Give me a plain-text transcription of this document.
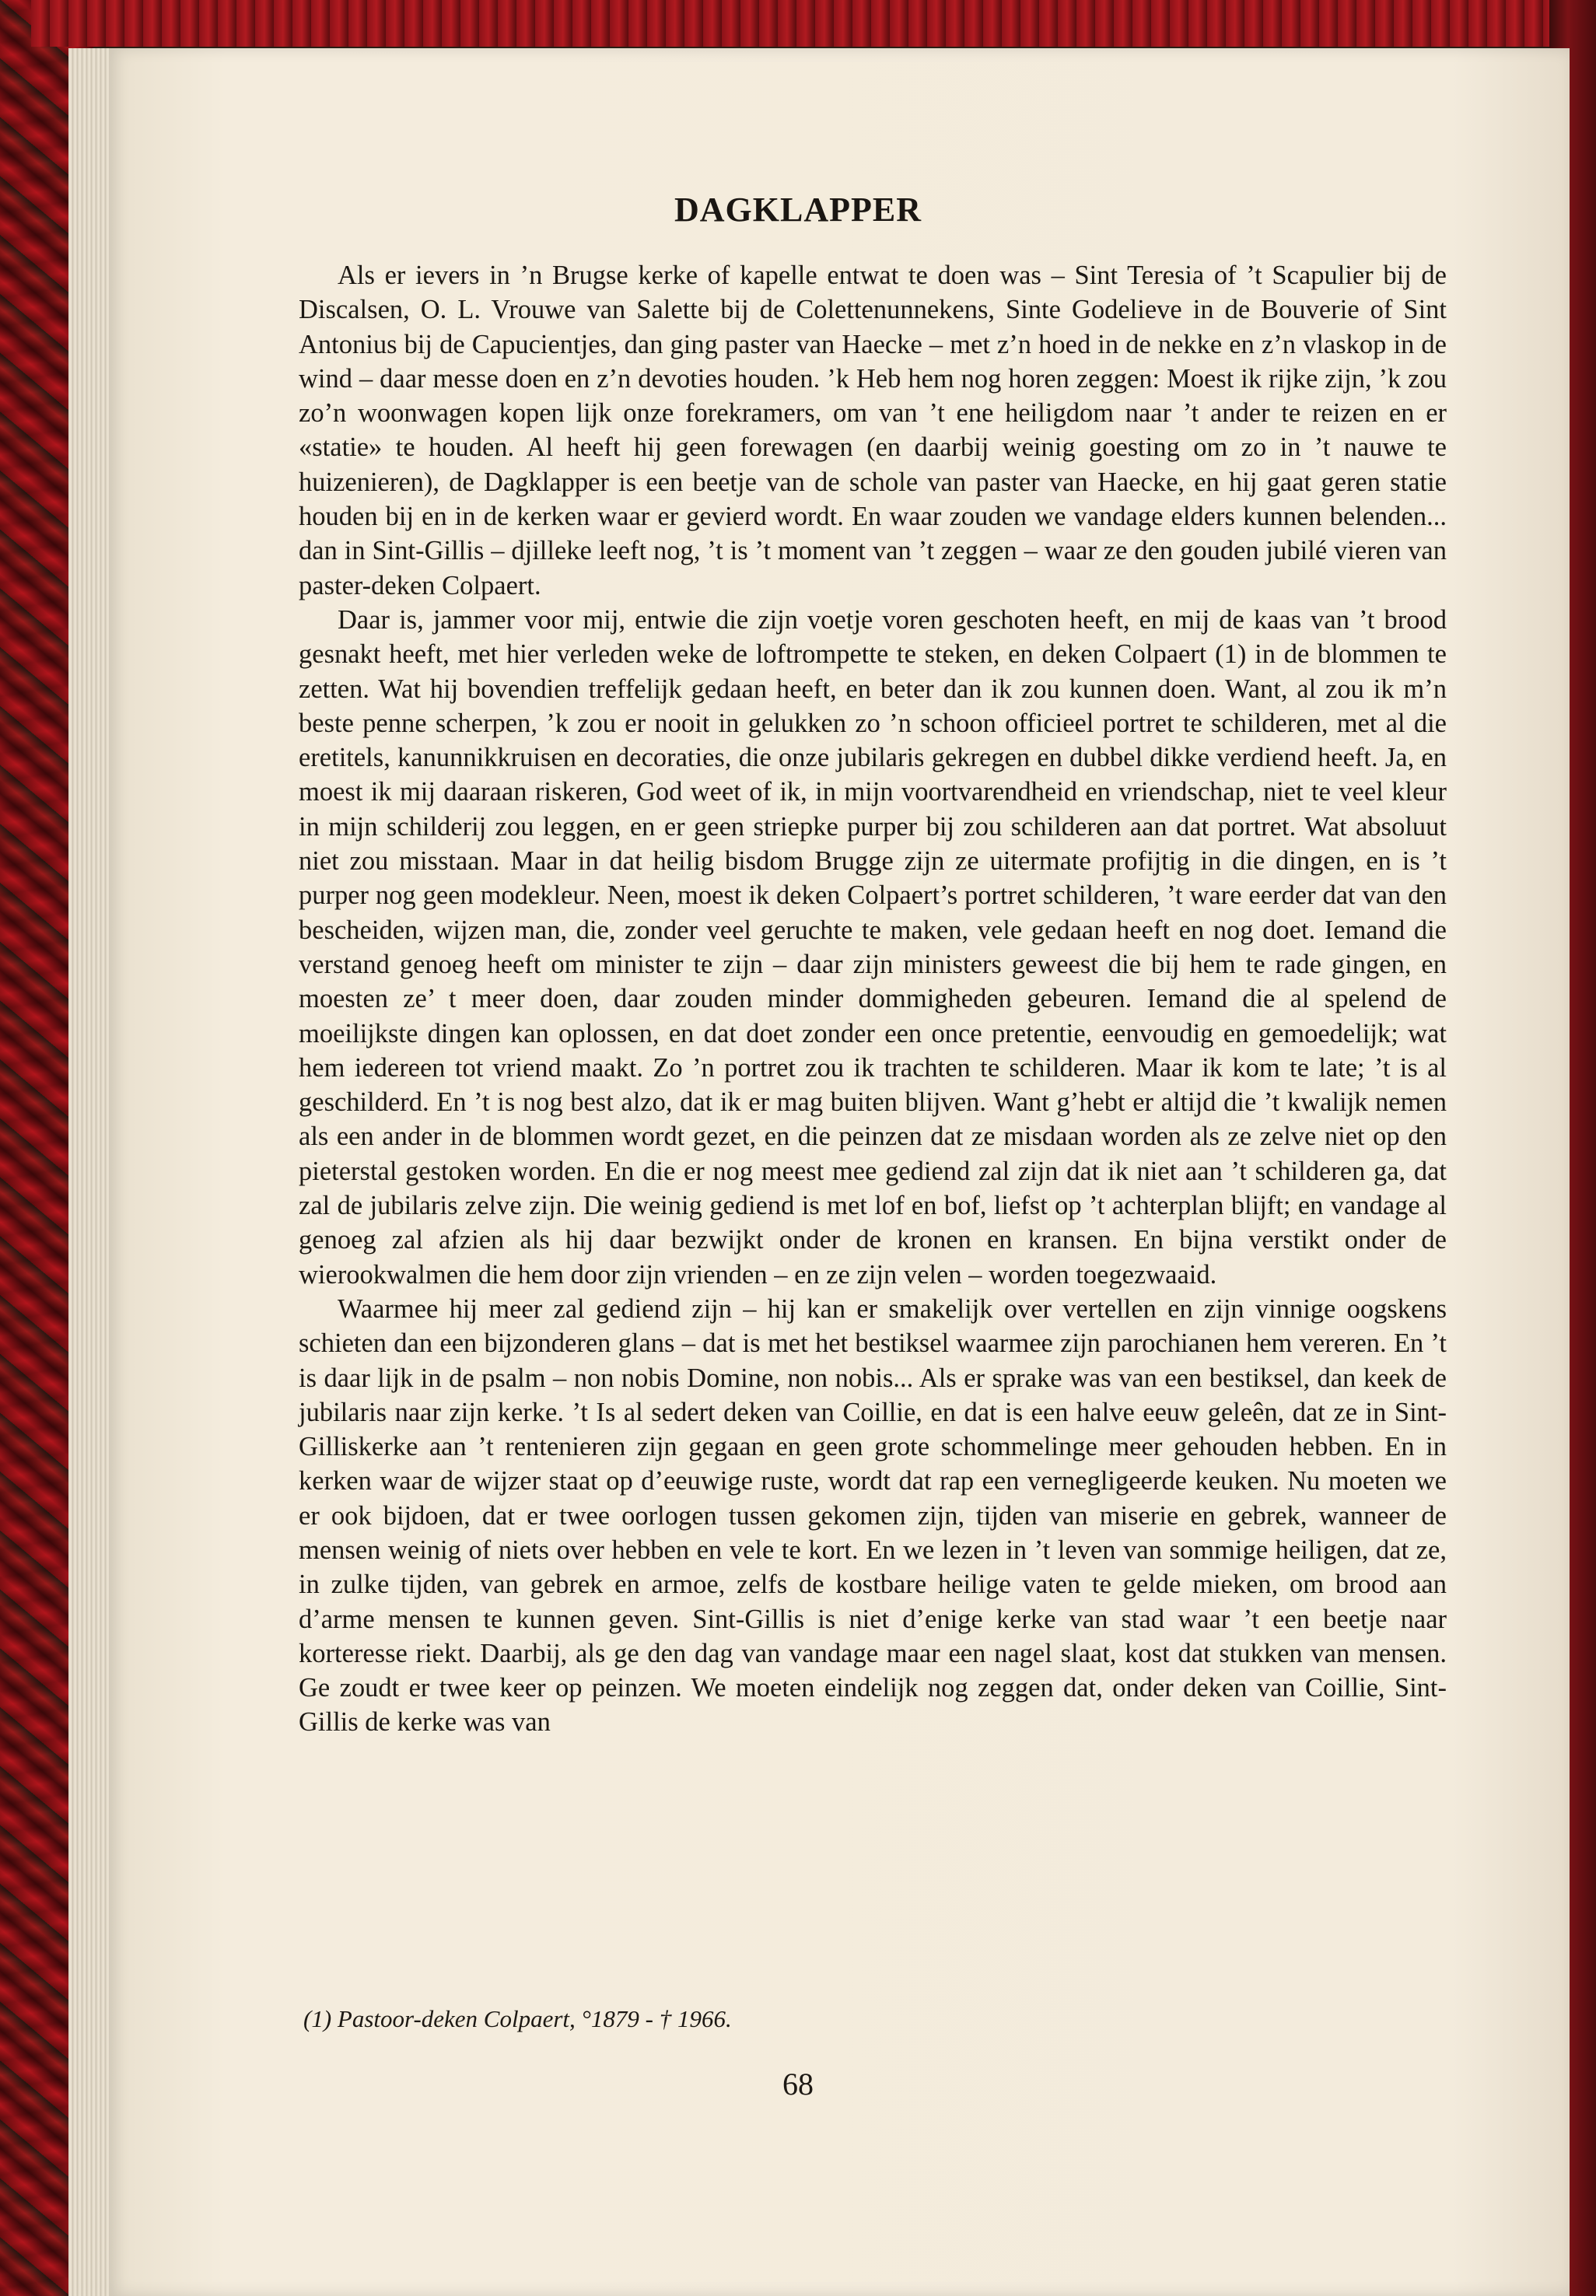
DAGKLAPPER

Als er ievers in ’n Brugse kerke of kapelle entwat te doen was – Sint Teresia of ’t Scapulier bij de Discalsen, O. L. Vrouwe van Salette bij de Colettenunnekens, Sinte Godelieve in de Bouverie of Sint Antonius bij de Capucientjes, dan ging paster van Haecke – met z’n hoed in de nekke en z’n vlaskop in de wind – daar messe doen en z’n devoties houden. ’k Heb hem nog horen zeggen: Moest ik rijke zijn, ’k zou zo’n woonwagen kopen lijk onze forekramers, om van ’t ene heiligdom naar ’t ander te reizen en er «statie» te houden. Al heeft hij geen forewagen (en daarbij weinig goesting om zo in ’t nauwe te huizenieren), de Dagklapper is een beetje van de schole van paster van Haecke, en hij gaat geren statie houden bij en in de kerken waar er gevierd wordt. En waar zouden we vandage elders kunnen belenden... dan in Sint-Gillis – djilleke leeft nog, ’t is ’t moment van ’t zeggen – waar ze den gouden jubilé vieren van paster-deken Colpaert.

Daar is, jammer voor mij, entwie die zijn voetje voren geschoten heeft, en mij de kaas van ’t brood gesnakt heeft, met hier verleden weke de loftrompette te steken, en deken Colpaert (1) in de blommen te zetten. Wat hij bovendien treffelijk gedaan heeft, en beter dan ik zou kunnen doen. Want, al zou ik m’n beste penne scherpen, ’k zou er nooit in gelukken zo ’n schoon officieel portret te schilderen, met al die eretitels, kanunnikkruisen en decoraties, die onze jubilaris gekregen en dubbel dikke verdiend heeft. Ja, en moest ik mij daaraan riskeren, God weet of ik, in mijn voortvarendheid en vriendschap, niet te veel kleur in mijn schilderij zou leggen, en er geen striepke purper bij zou schilderen aan dat portret. Wat absoluut niet zou misstaan. Maar in dat heilig bisdom Brugge zijn ze uitermate profijtig in die dingen, en is ’t purper nog geen modekleur. Neen, moest ik deken Colpaert’s portret schilderen, ’t ware eerder dat van den bescheiden, wijzen man, die, zonder veel geruchte te maken, vele gedaan heeft en nog doet. Iemand die verstand genoeg heeft om minister te zijn – daar zijn ministers geweest die bij hem te rade gingen, en moesten ze’ t meer doen, daar zouden minder dommigheden gebeuren. Iemand die al spelend de moeilijkste dingen kan oplossen, en dat doet zonder een once pretentie, eenvoudig en gemoedelijk; wat hem iedereen tot vriend maakt. Zo ’n portret zou ik trachten te schilderen. Maar ik kom te late; ’t is al geschilderd. En ’t is nog best alzo, dat ik er mag buiten blijven. Want g’hebt er altijd die ’t kwalijk nemen als een ander in de blommen wordt gezet, en die peinzen dat ze misdaan worden als ze zelve niet op den pieterstal gestoken worden. En die er nog meest mee gediend zal zijn dat ik niet aan ’t schilderen ga, dat zal de jubilaris zelve zijn. Die weinig gediend is met lof en bof, liefst op ’t achterplan blijft; en vandage al genoeg zal afzien als hij daar bezwijkt onder de kronen en kransen. En bijna verstikt onder de wierookwalmen die hem door zijn vrienden – en ze zijn velen – worden toegezwaaid.

Waarmee hij meer zal gediend zijn – hij kan er smakelijk over vertellen en zijn vinnige oogskens schieten dan een bijzonderen glans – dat is met het bestiksel waarmee zijn parochianen hem vereren. En ’t is daar lijk in de psalm – non nobis Domine, non nobis... Als er sprake was van een bestiksel, dan keek de jubilaris naar zijn kerke. ’t Is al sedert deken van Coillie, en dat is een halve eeuw geleên, dat ze in Sint-Gilliskerke aan ’t rentenieren zijn gegaan en geen grote schommelinge meer gehouden hebben. En in kerken waar de wijzer staat op d’eeuwige ruste, wordt dat rap een vernegligeerde keuken. Nu moeten we er ook bijdoen, dat er twee oorlogen tussen gekomen zijn, tijden van miserie en gebrek, wanneer de mensen weinig of niets over hebben en vele te kort. En we lezen in ’t leven van sommige heiligen, dat ze, in zulke tijden, van gebrek en armoe, zelfs de kostbare heilige vaten te gelde mieken, om brood aan d’arme mensen te kunnen geven. Sint-Gillis is niet d’enige kerke van stad waar ’t een beetje naar korteresse riekt. Daarbij, als ge den dag van vandage maar een nagel slaat, kost dat stukken van mensen. Ge zoudt er twee keer op peinzen. We moeten eindelijk nog zeggen dat, onder deken van Coillie, Sint-Gillis de kerke was van

(1) Pastoor-deken Colpaert, °1879 - † 1966.

68
